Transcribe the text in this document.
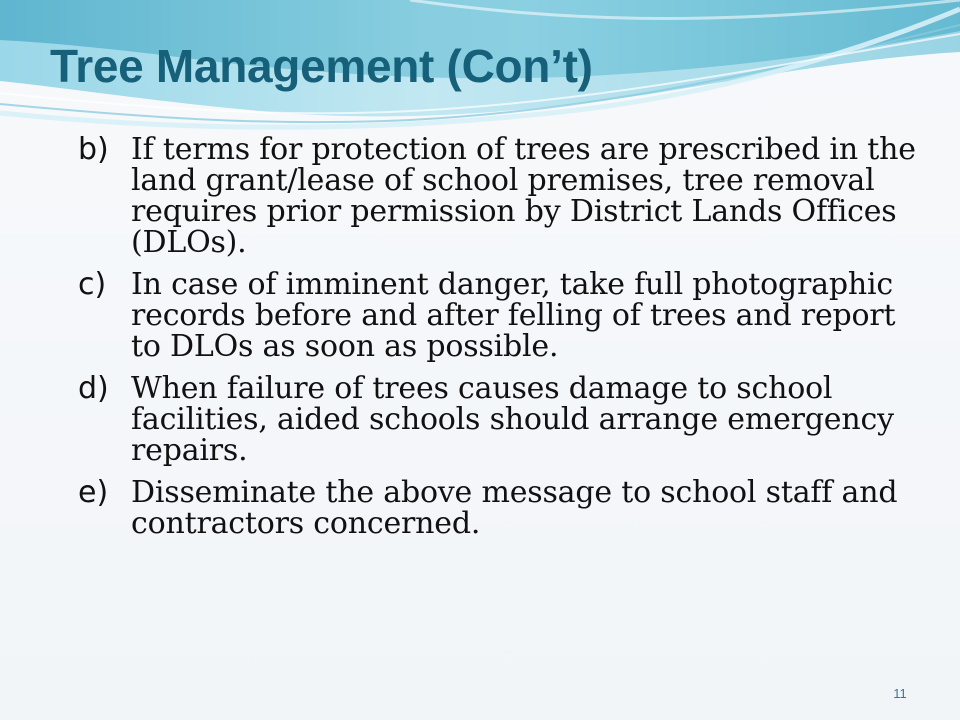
Tree Management (Con’t)
b) If terms for protection of trees are prescribed in the land grant/lease of school premises, tree removal requires prior permission by District Lands Offices (DLOs).
c) In case of imminent danger, take full photographic records before and after felling of trees and report to DLOs as soon as possible.
d) When failure of trees causes damage to school facilities, aided schools should arrange emergency repairs.
e) Disseminate the above message to school staff and contractors concerned.
11
